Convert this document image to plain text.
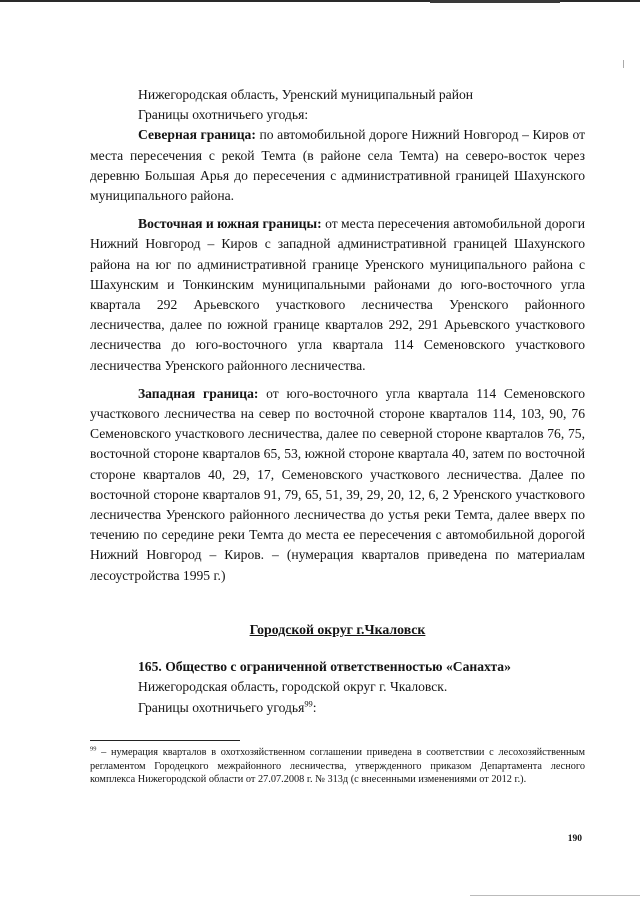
Нижегородская область, Уренский муниципальный район

Границы охотничьего угодья:

Северная граница: по автомобильной дороге Нижний Новгород – Киров от места пересечения с рекой Темта (в районе села Темта) на северо-восток через деревню Большая Арья до пересечения с административной границей Шахунского муниципального района.

Восточная и южная границы: от места пересечения автомобильной дороги Нижний Новгород – Киров с западной административной границей Шахунского района на юг по административной границе Уренского муниципального района с Шахунским и Тонкинским муниципальными районами до юго-восточного угла квартала 292 Арьевского участкового лесничества Уренского районного лесничества, далее по южной границе кварталов 292, 291 Арьевского участкового лесничества до юго-восточного угла квартала 114 Семеновского участкового лесничества Уренского районного лесничества.

Западная граница: от юго-восточного угла квартала 114 Семеновского участкового лесничества на север по восточной стороне кварталов 114, 103, 90, 76 Семеновского участкового лесничества, далее по северной стороне кварталов 76, 75, восточной стороне кварталов 65, 53, южной стороне квартала 40, затем по восточной стороне кварталов 40, 29, 17, Семеновского участкового лесничества. Далее по восточной стороне кварталов 91, 79, 65, 51, 39, 29, 20, 12, 6, 2 Уренского участкового лесничества Уренского районного лесничества до устья реки Темта, далее вверх по течению по середине реки Темта до места ее пересечения с автомобильной дорогой Нижний Новгород – Киров. – (нумерация кварталов приведена по материалам лесоустройства 1995 г.)

Городской округ г.Чкаловск

165. Общество с ограниченной ответственностью «Санахта»

Нижегородская область, городской округ г. Чкаловск.

Границы охотничьего угодья$^{99}$:

$^{99}$ – нумерация кварталов в охотхозяйственном соглашении приведена в соответствии с лесохозяйственным регламентом Городецкого межрайонного лесничества, утвержденного приказом Департамента лесного комплекса Нижегородской области от 27.07.2008 г. № 313д (с внесенными изменениями от 2012 г.).

190
